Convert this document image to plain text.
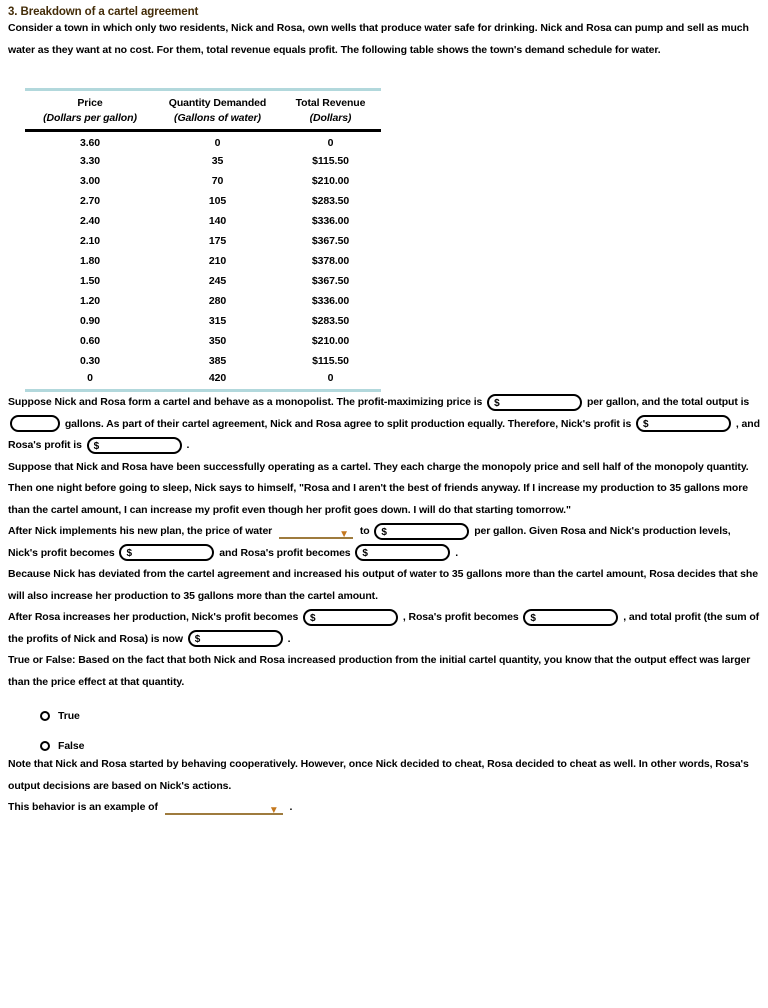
3. Breakdown of a cartel agreement

Consider a town in which only two residents, Nick and Rosa, own wells that produce water safe for drinking. Nick and Rosa can pump and sell as much water as they want at no cost. For them, total revenue equals profit. The following table shows the town's demand schedule for water.

Price
(Dollars per gallon)

Quantity Demanded
(Gallons of water)

Total Revenue
(Dollars)

3.60	0	0
3.30	35	$115.50
3.00	70	$210.00
2.70	105	$283.50
2.40	140	$336.00
2.10	175	$367.50
1.80	210	$378.00
1.50	245	$367.50
1.20	280	$336.00
0.90	315	$283.50
0.60	350	$210.00
0.30	385	$115.50
0	420	0

Suppose Nick and Rosa form a cartel and behave as a monopolist. The profit-maximizing price is $	per gallon, and the total output is  gallons. As part of their cartel agreement, Nick and Rosa agree to split production equally. Therefore, Nick's profit is $	, and Rosa's profit is $	.

Suppose that Nick and Rosa have been successfully operating as a cartel. They each charge the monopoly price and sell half of the monopoly quantity. Then one night before going to sleep, Nick says to himself, "Rosa and I aren't the best of friends anyway. If I increase my production to 35 gallons more than the cartel amount, I can increase my profit even though her profit goes down. I will do that starting tomorrow."

After Nick implements his new plan, the price of water	▼ to $	per gallon. Given Rosa and Nick's production levels, Nick's profit becomes $	and Rosa's profit becomes $	.

Because Nick has deviated from the cartel agreement and increased his output of water to 35 gallons more than the cartel amount, Rosa decides that she will also increase her production to 35 gallons more than the cartel amount.

After Rosa increases her production, Nick's profit becomes $	, Rosa's profit becomes $	, and total profit (the sum of the profits of Nick and Rosa) is now $	.

True or False: Based on the fact that both Nick and Rosa increased production from the initial cartel quantity, you know that the output effect was larger than the price effect at that quantity.

True
False

Note that Nick and Rosa started by behaving cooperatively. However, once Nick decided to cheat, Rosa decided to cheat as well. In other words, Rosa's output decisions are based on Nick's actions.

This behavior is an example of	▼ .
